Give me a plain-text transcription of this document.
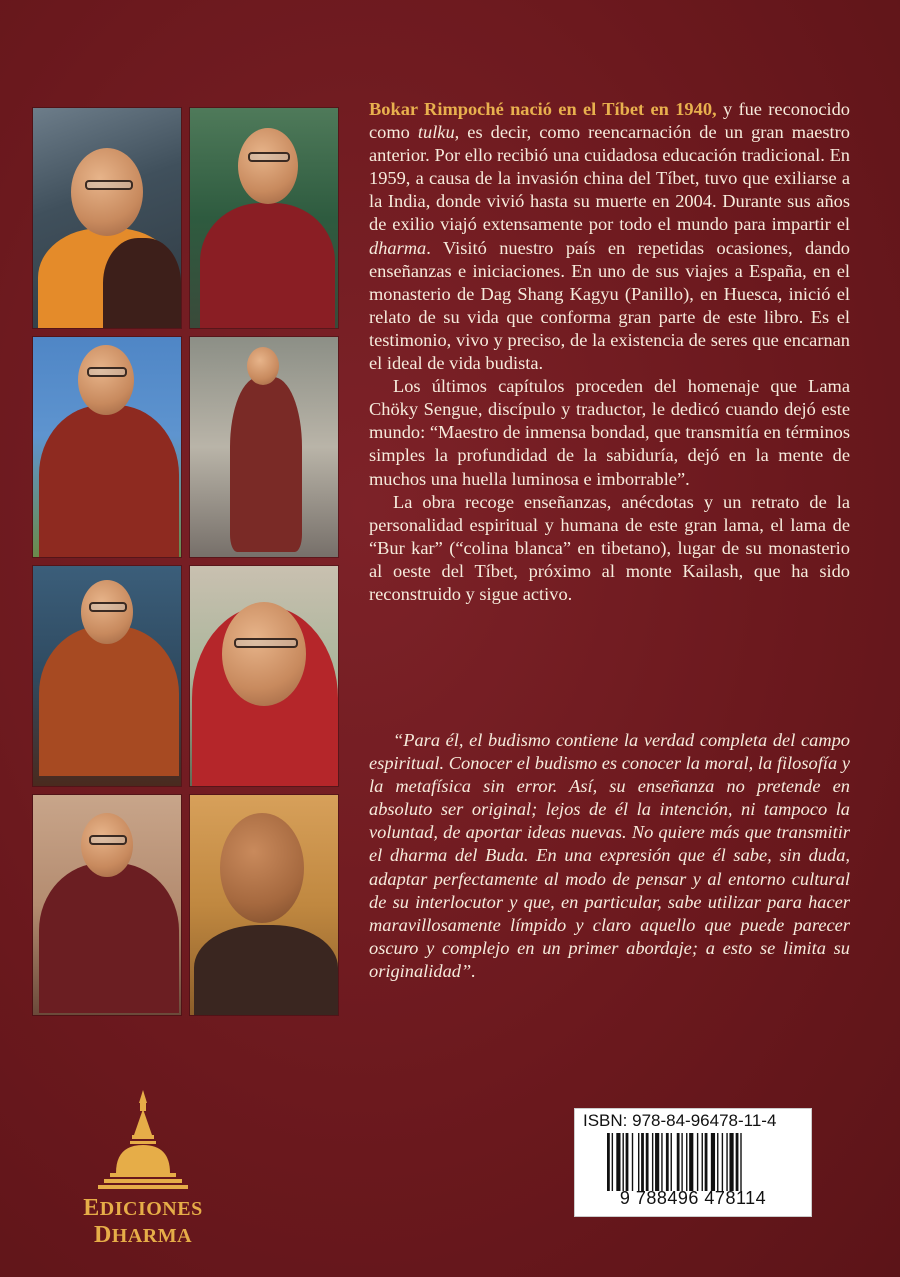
Bokar Rimpoché nació en el Tíbet en 1940, y fue reconocido como tulku, es decir, como reencarnación de un gran maestro anterior. Por ello recibió una cuidadosa educación tradicional. En 1959, a causa de la invasión china del Tíbet, tuvo que exiliarse a la India, donde vivió hasta su muerte en 2004. Durante sus años de exilio viajó extensamente por todo el mundo para impartir el dharma. Visitó nuestro país en repetidas ocasiones, dando enseñanzas e iniciaciones. En uno de sus viajes a España, en el monasterio de Dag Shang Kagyu (Panillo), en Huesca, inició el relato de su vida que conforma gran parte de este libro. Es el testimonio, vivo y preciso, de la existencia de seres que encarnan el ideal de vida budista.

Los últimos capítulos proceden del homenaje que Lama Chöky Sengue, discípulo y traductor, le dedicó cuando dejó este mundo: “Maestro de inmensa bondad, que transmitía en términos simples la profundidad de la sabiduría, dejó en la mente de muchos una huella luminosa e imborrable”.

La obra recoge enseñanzas, anécdotas y un retrato de la personalidad espiritual y humana de este gran lama, el lama de “Bur kar” (“colina blanca” en tibetano), lugar de su monasterio al oeste del Tíbet, próximo al monte Kailash, que ha sido reconstruido y sigue activo.

“Para él, el budismo contiene la verdad completa del campo espiritual. Conocer el budismo es conocer la moral, la filosofía y la metafísica sin error. Así, su enseñanza no pretende en absoluto ser original; lejos de él la intención, ni tampoco la voluntad, de aportar ideas nuevas. No quiere más que transmitir el dharma del Buda. En una expresión que él sabe, sin duda, adaptar perfectamente al modo de pensar y al entorno cultural de su interlocutor y que, en particular, sabe utilizar para hacer maravillosamente límpido y claro aquello que puede parecer oscuro y complejo en un primer abordaje; a esto se limita su originalidad”.

EDICIONES DHARMA
ISBN: 978-84-96478-11-4
9 788496 478114
